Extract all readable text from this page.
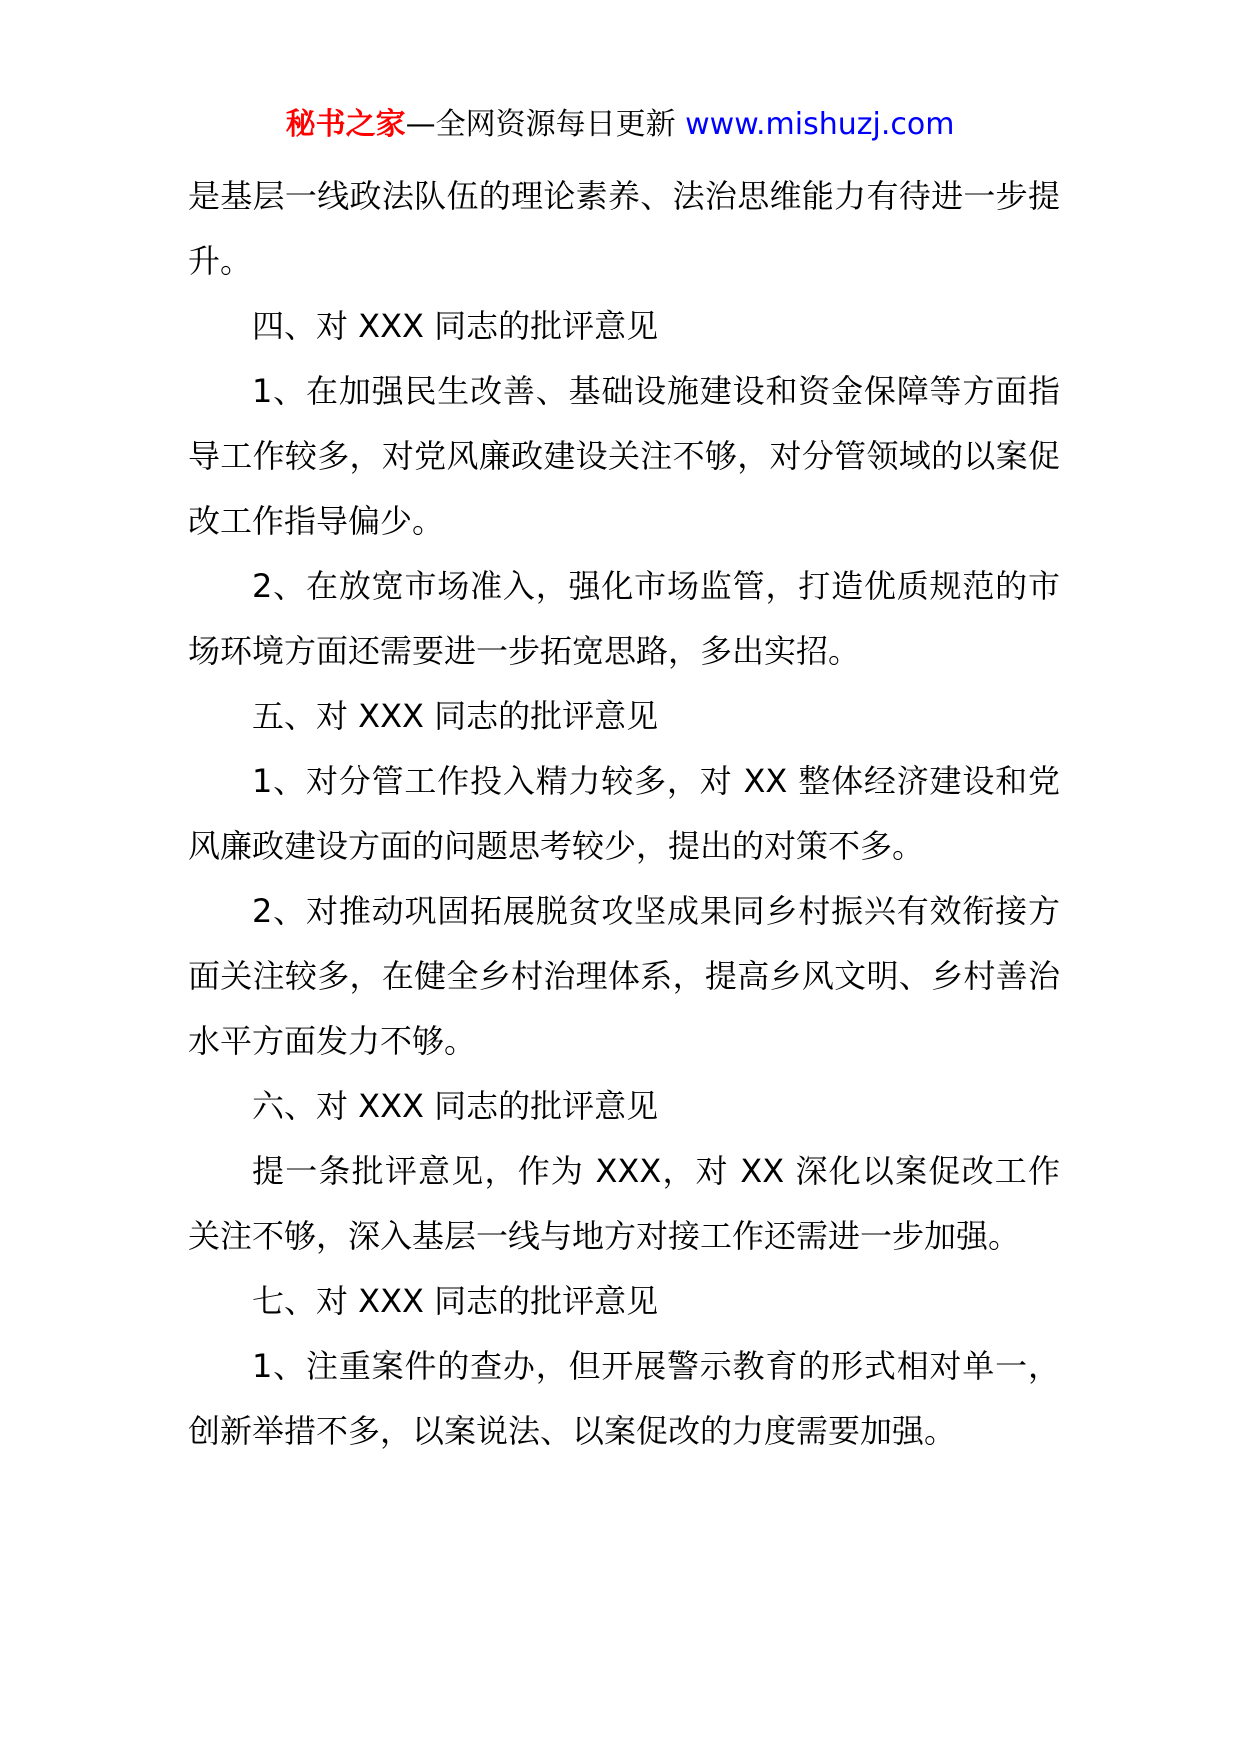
秘书之家—全网资源每日更新 www.mishuzj.com

是基层一线政法队伍的理论素养、法治思维能力有待进一步提升。

四、对 XXX 同志的批评意见

1、在加强民生改善、基础设施建设和资金保障等方面指导工作较多，对党风廉政建设关注不够，对分管领域的以案促改工作指导偏少。

2、在放宽市场准入，强化市场监管，打造优质规范的市场环境方面还需要进一步拓宽思路，多出实招。

五、对 XXX 同志的批评意见

1、对分管工作投入精力较多，对 XX 整体经济建设和党风廉政建设方面的问题思考较少，提出的对策不多。

2、对推动巩固拓展脱贫攻坚成果同乡村振兴有效衔接方面关注较多，在健全乡村治理体系，提高乡风文明、乡村善治水平方面发力不够。

六、对 XXX 同志的批评意见

提一条批评意见，作为 XXX，对 XX 深化以案促改工作关注不够，深入基层一线与地方对接工作还需进一步加强。

七、对 XXX 同志的批评意见

1、注重案件的查办，但开展警示教育的形式相对单一，创新举措不多，以案说法、以案促改的力度需要加强。
